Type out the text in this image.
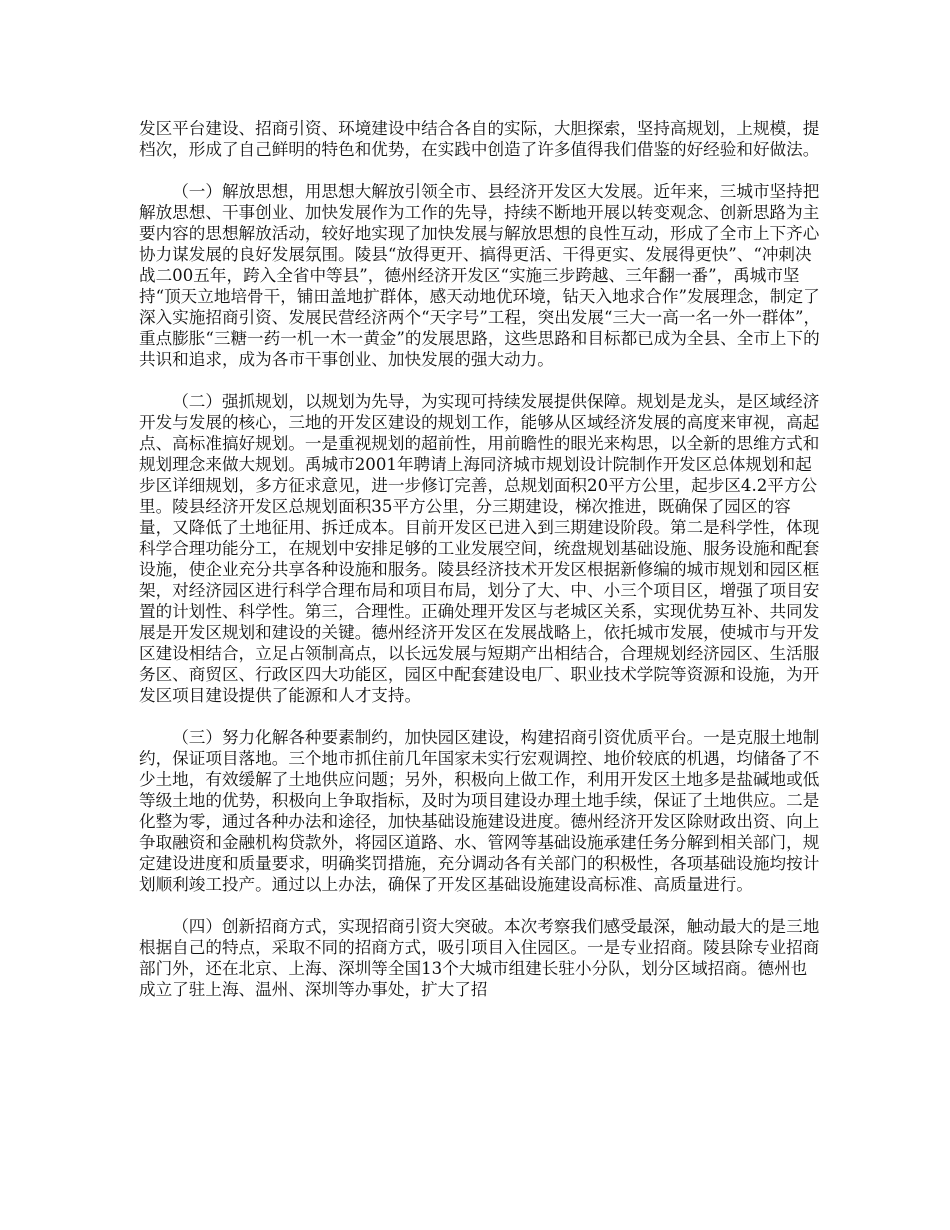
发区平台建设、招商引资、环境建设中结合各自的实际，大胆探索，坚持高规划，上规模，提档次，形成了自己鲜明的特色和优势，在实践中创造了许多值得我们借鉴的好经验和好做法。

（一）解放思想，用思想大解放引领全市、县经济开发区大发展。近年来，三城市坚持把解放思想、干事创业、加快发展作为工作的先导，持续不断地开展以转变观念、创新思路为主要内容的思想解放活动，较好地实现了加快发展与解放思想的良性互动，形成了全市上下齐心协力谋发展的良好发展氛围。陵县“放得更开、搞得更活、干得更实、发展得更快”、“冲刺决战二00五年，跨入全省中等县”，德州经济开发区“实施三步跨越、三年翻一番”，禹城市坚持“顶天立地培骨干，铺田盖地扩群体，感天动地优环境，钻天入地求合作”发展理念，制定了深入实施招商引资、发展民营经济两个“天字号”工程，突出发展“三大一高一名一外一群体”，重点膨胀“三糖一药一机一木一黄金”的发展思路，这些思路和目标都已成为全县、全市上下的共识和追求，成为各市干事创业、加快发展的强大动力。

（二）强抓规划，以规划为先导，为实现可持续发展提供保障。规划是龙头，是区域经济开发与发展的核心，三地的开发区建设的规划工作，能够从区域经济发展的高度来审视，高起点、高标准搞好规划。一是重视规划的超前性，用前瞻性的眼光来构思，以全新的思维方式和规划理念来做大规划。禹城市2001年聘请上海同济城市规划设计院制作开发区总体规划和起步区详细规划，多方征求意见，进一步修订完善，总规划面积20平方公里，起步区4.2平方公里。陵县经济开发区总规划面积35平方公里，分三期建设，梯次推进，既确保了园区的容量，又降低了土地征用、拆迁成本。目前开发区已进入到三期建设阶段。第二是科学性，体现科学合理功能分工，在规划中安排足够的工业发展空间，统盘规划基础设施、服务设施和配套设施，使企业充分共享各种设施和服务。陵县经济技术开发区根据新修编的城市规划和园区框架，对经济园区进行科学合理布局和项目布局，划分了大、中、小三个项目区，增强了项目安置的计划性、科学性。第三，合理性。正确处理开发区与老城区关系，实现优势互补、共同发展是开发区规划和建设的关键。德州经济开发区在发展战略上，依托城市发展，使城市与开发区建设相结合，立足占领制高点，以长远发展与短期产出相结合，合理规划经济园区、生活服务区、商贸区、行政区四大功能区，园区中配套建设电厂、职业技术学院等资源和设施，为开发区项目建设提供了能源和人才支持。

（三）努力化解各种要素制约，加快园区建设，构建招商引资优质平台。一是克服土地制约，保证项目落地。三个地市抓住前几年国家未实行宏观调控、地价较底的机遇，均储备了不少土地，有效缓解了土地供应问题；另外，积极向上做工作，利用开发区土地多是盐碱地或低等级土地的优势，积极向上争取指标，及时为项目建设办理土地手续，保证了土地供应。二是化整为零，通过各种办法和途径，加快基础设施建设进度。德州经济开发区除财政出资、向上争取融资和金融机构贷款外，将园区道路、水、管网等基础设施承建任务分解到相关部门，规定建设进度和质量要求，明确奖罚措施，充分调动各有关部门的积极性，各项基础设施均按计划顺利竣工投产。通过以上办法，确保了开发区基础设施建设高标准、高质量进行。

（四）创新招商方式，实现招商引资大突破。本次考察我们感受最深，触动最大的是三地根据自己的特点，采取不同的招商方式，吸引项目入住园区。一是专业招商。陵县除专业招商部门外，还在北京、上海、深圳等全国13个大城市组建长驻小分队，划分区域招商。德州也成立了驻上海、温州、深圳等办事处，扩大了招
